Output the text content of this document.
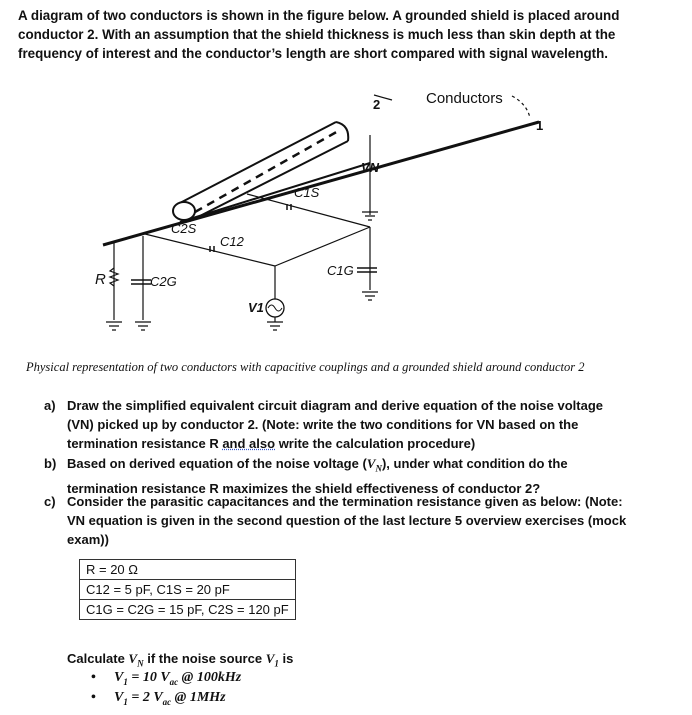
A diagram of two conductors is shown in the figure below. A grounded shield is placed around

conductor 2. With an assumption that the shield thickness is much less than skin depth at the

frequency of interest and the conductor’s length are short compared with signal wavelength.

2	Conductors
1
VN
C1S
C2S
C12
R	C2G
C1G
V1
Physical representation of two conductors with capacitive couplings and a grounded shield around conductor 2
a) Draw the simplified equivalent circuit diagram and derive equation of the noise voltage
(VN) picked up by conductor 2. (Note: write the two conditions for VN based on the
termination resistance R and also write the calculation procedure)
b) Based on derived equation of the noise voltage $(V_N)$, under what condition do the
termination resistance R maximizes the shield effectiveness of conductor 2?
c) Consider the parasitic capacitances and the termination resistance given as below: (Note:
VN equation is given in the second question of the last lecture 5 overview exercises (mock
exam))
R = 20 Ω
C12 = 5 pF, C1S = 20 pF
C1G = C2G = 15 pF, C2S = 120 pF
Calculate $V_N$ if the noise source $V_1$ is
• $V_1 = 10$ $V_{ac}$ @ 100kHz
• $V_1 = 2$ $V_{ac}$ @ 1MHz
